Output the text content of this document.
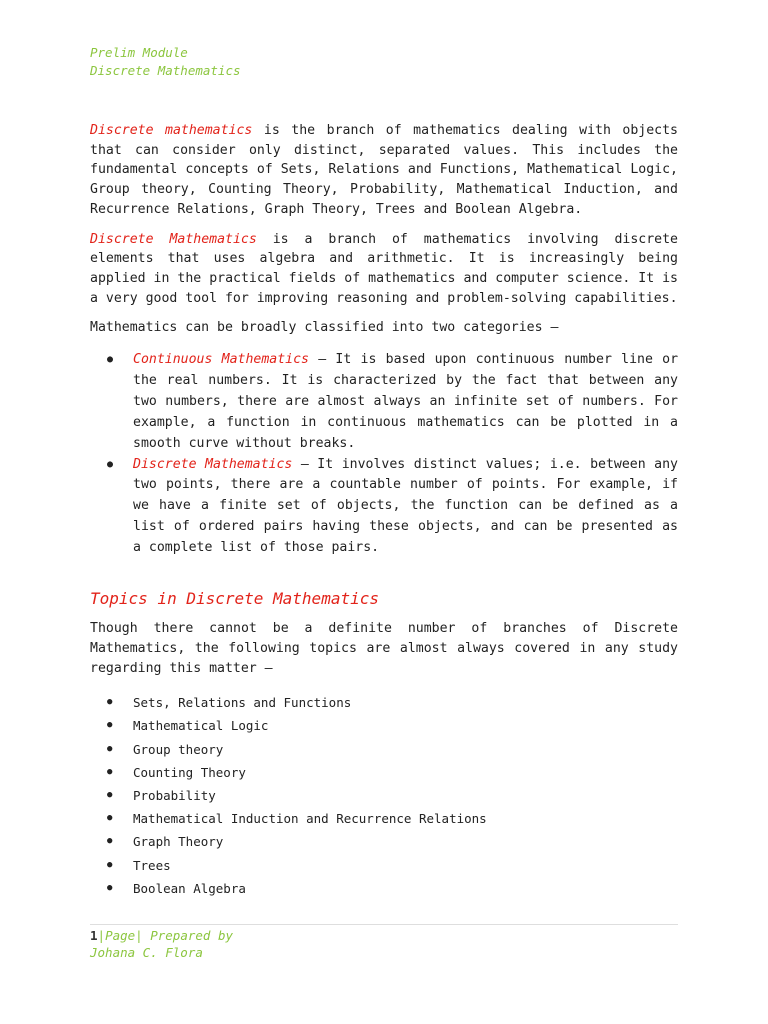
Prelim Module
Discrete Mathematics

Discrete mathematics is the branch of mathematics dealing with objects that can consider only distinct, separated values. This includes the fundamental concepts of Sets, Relations and Functions, Mathematical Logic, Group theory, Counting Theory, Probability, Mathematical Induction, and Recurrence Relations, Graph Theory, Trees and Boolean Algebra.

Discrete Mathematics is a branch of mathematics involving discrete elements that uses algebra and arithmetic. It is increasingly being applied in the practical fields of mathematics and computer science. It is a very good tool for improving reasoning and problem-solving capabilities.

Mathematics can be broadly classified into two categories –

● Continuous Mathematics – It is based upon continuous number line or the real numbers. It is characterized by the fact that between any two numbers, there are almost always an infinite set of numbers. For example, a function in continuous mathematics can be plotted in a smooth curve without breaks.
● Discrete Mathematics – It involves distinct values; i.e. between any two points, there are a countable number of points. For example, if we have a finite set of objects, the function can be defined as a list of ordered pairs having these objects, and can be presented as a complete list of those pairs.
Topics in Discrete Mathematics

Though there cannot be a definite number of branches of Discrete Mathematics, the following topics are almost always covered in any study regarding this matter –

● Sets, Relations and Functions
● Mathematical Logic
● Group theory
● Counting Theory
● Probability
● Mathematical Induction and Recurrence Relations
● Graph Theory
● Trees
● Boolean Algebra
1|Page| Prepared by
Johana C. Flora
